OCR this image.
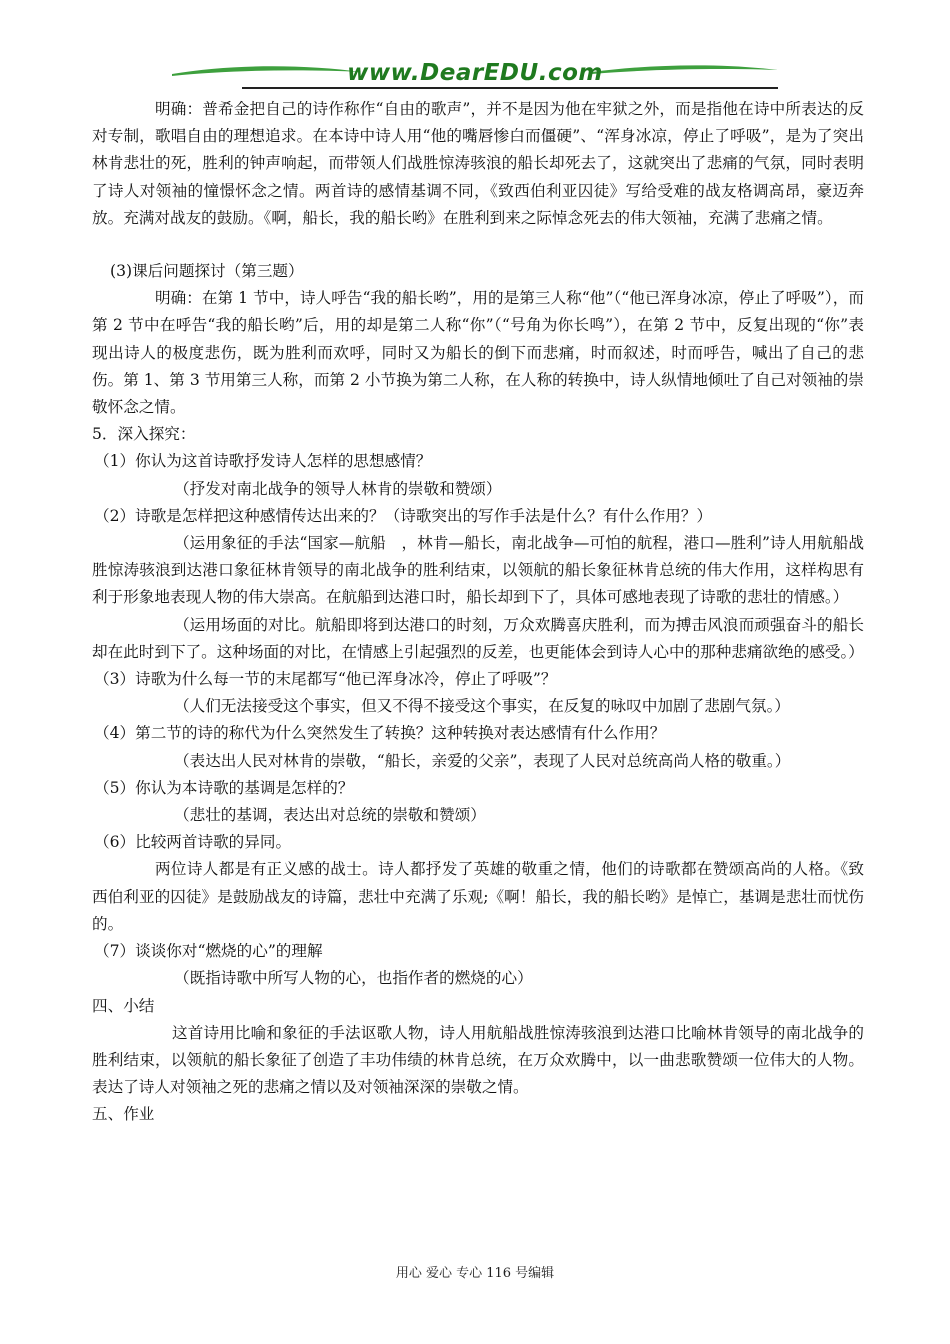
www.DearEDU.com

明确：普希金把自己的诗作称作“自由的歌声”，并不是因为他在牢狱之外，而是指他在诗中所表达的反对专制，歌唱自由的理想追求。在本诗中诗人用“他的嘴唇惨白而僵硬”、“浑身冰凉，停止了呼吸”，是为了突出林肯悲壮的死，胜利的钟声响起，而带领人们战胜惊涛骇浪的船长却死去了，这就突出了悲痛的气氛，同时表明了诗人对领袖的憧憬怀念之情。两首诗的感情基调不同，《致西伯利亚囚徒》写给受难的战友格调高昂，豪迈奔放。充满对战友的鼓励。《啊，船长，我的船长哟》在胜利到来之际悼念死去的伟大领袖，充满了悲痛之情。

(3)课后问题探讨（第三题）

明确：在第 1 节中，诗人呼告“我的船长哟”，用的是第三人称“他”（“他已浑身冰凉，停止了呼吸”），而第 2 节中在呼告“我的船长哟”后，用的却是第二人称“你”（“号角为你长鸣”），在第 2 节中，反复出现的“你”表现出诗人的极度悲伤，既为胜利而欢呼，同时又为船长的倒下而悲痛，时而叙述，时而呼告，喊出了自己的悲伤。第 1、第 3 节用第三人称，而第 2 小节换为第二人称，在人称的转换中，诗人纵情地倾吐了自己对领袖的崇敬怀念之情。

5．深入探究：

（1）你认为这首诗歌抒发诗人怎样的思想感情？

（抒发对南北战争的领导人林肯的崇敬和赞颂）

（2）诗歌是怎样把这种感情传达出来的？（诗歌突出的写作手法是什么？有什么作用？）

（运用象征的手法“国家—航船　，林肯—船长，南北战争—可怕的航程，港口—胜利”诗人用航船战胜惊涛骇浪到达港口象征林肯领导的南北战争的胜利结束，以领航的船长象征林肯总统的伟大作用，这样构思有利于形象地表现人物的伟大崇高。在航船到达港口时，船长却到下了，具体可感地表现了诗歌的悲壮的情感。）

（运用场面的对比。航船即将到达港口的时刻，万众欢腾喜庆胜利，而为搏击风浪而顽强奋斗的船长却在此时到下了。这种场面的对比，在情感上引起强烈的反差，也更能体会到诗人心中的那种悲痛欲绝的感受。）

（3）诗歌为什么每一节的末尾都写“他已浑身冰冷，停止了呼吸”？

（人们无法接受这个事实，但又不得不接受这个事实，在反复的咏叹中加剧了悲剧气氛。）

（4）第二节的诗的称代为什么突然发生了转换？这种转换对表达感情有什么作用？

（表达出人民对林肯的崇敬，“船长，亲爱的父亲”，表现了人民对总统高尚人格的敬重。）

（5）你认为本诗歌的基调是怎样的？

（悲壮的基调，表达出对总统的崇敬和赞颂）

（6）比较两首诗歌的异同。

两位诗人都是有正义感的战士。诗人都抒发了英雄的敬重之情，他们的诗歌都在赞颂高尚的人格。《致西伯利亚的囚徒》是鼓励战友的诗篇，悲壮中充满了乐观;《啊！船长，我的船长哟》是悼亡，基调是悲壮而忧伤的。

（7）谈谈你对“燃烧的心”的理解

（既指诗歌中所写人物的心，也指作者的燃烧的心）

四、小结

这首诗用比喻和象征的手法讴歌人物，诗人用航船战胜惊涛骇浪到达港口比喻林肯领导的南北战争的胜利结束，以领航的船长象征了创造了丰功伟绩的林肯总统，在万众欢腾中，以一曲悲歌赞颂一位伟大的人物。表达了诗人对领袖之死的悲痛之情以及对领袖深深的崇敬之情。

五、作业

用心 爱心 专心 116 号编辑
